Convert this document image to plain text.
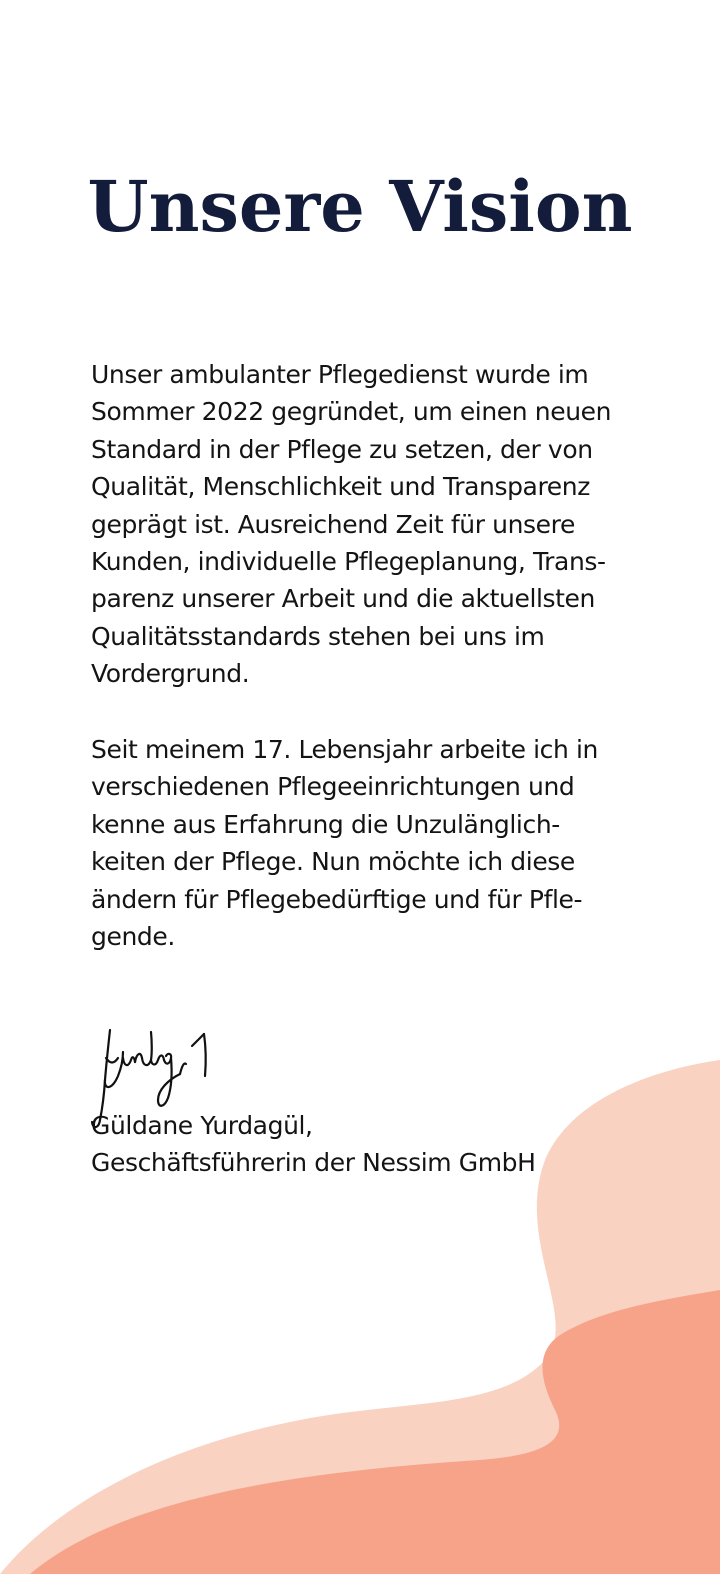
Unsere Vision

Unser ambulanter Pflegedienst wurde im
Sommer 2022 gegründet, um einen neuen
Standard in der Pflege zu setzen, der von
Qualität, Menschlichkeit und Transparenz
geprägt ist. Ausreichend Zeit für unsere
Kunden, individuelle Pflegeplanung, Trans-
parenz unserer Arbeit und die aktuellsten
Qualitätsstandards stehen bei uns im
Vordergrund.

Seit meinem 17. Lebensjahr arbeite ich in
verschiedenen Pflegeeinrichtungen und
kenne aus Erfahrung die Unzulänglich-
keiten der Pflege. Nun möchte ich diese
ändern für Pflegebedürftige und für Pfle-
gende.

Güldane Yurdagül,
Geschäftsführerin der Nessim GmbH
